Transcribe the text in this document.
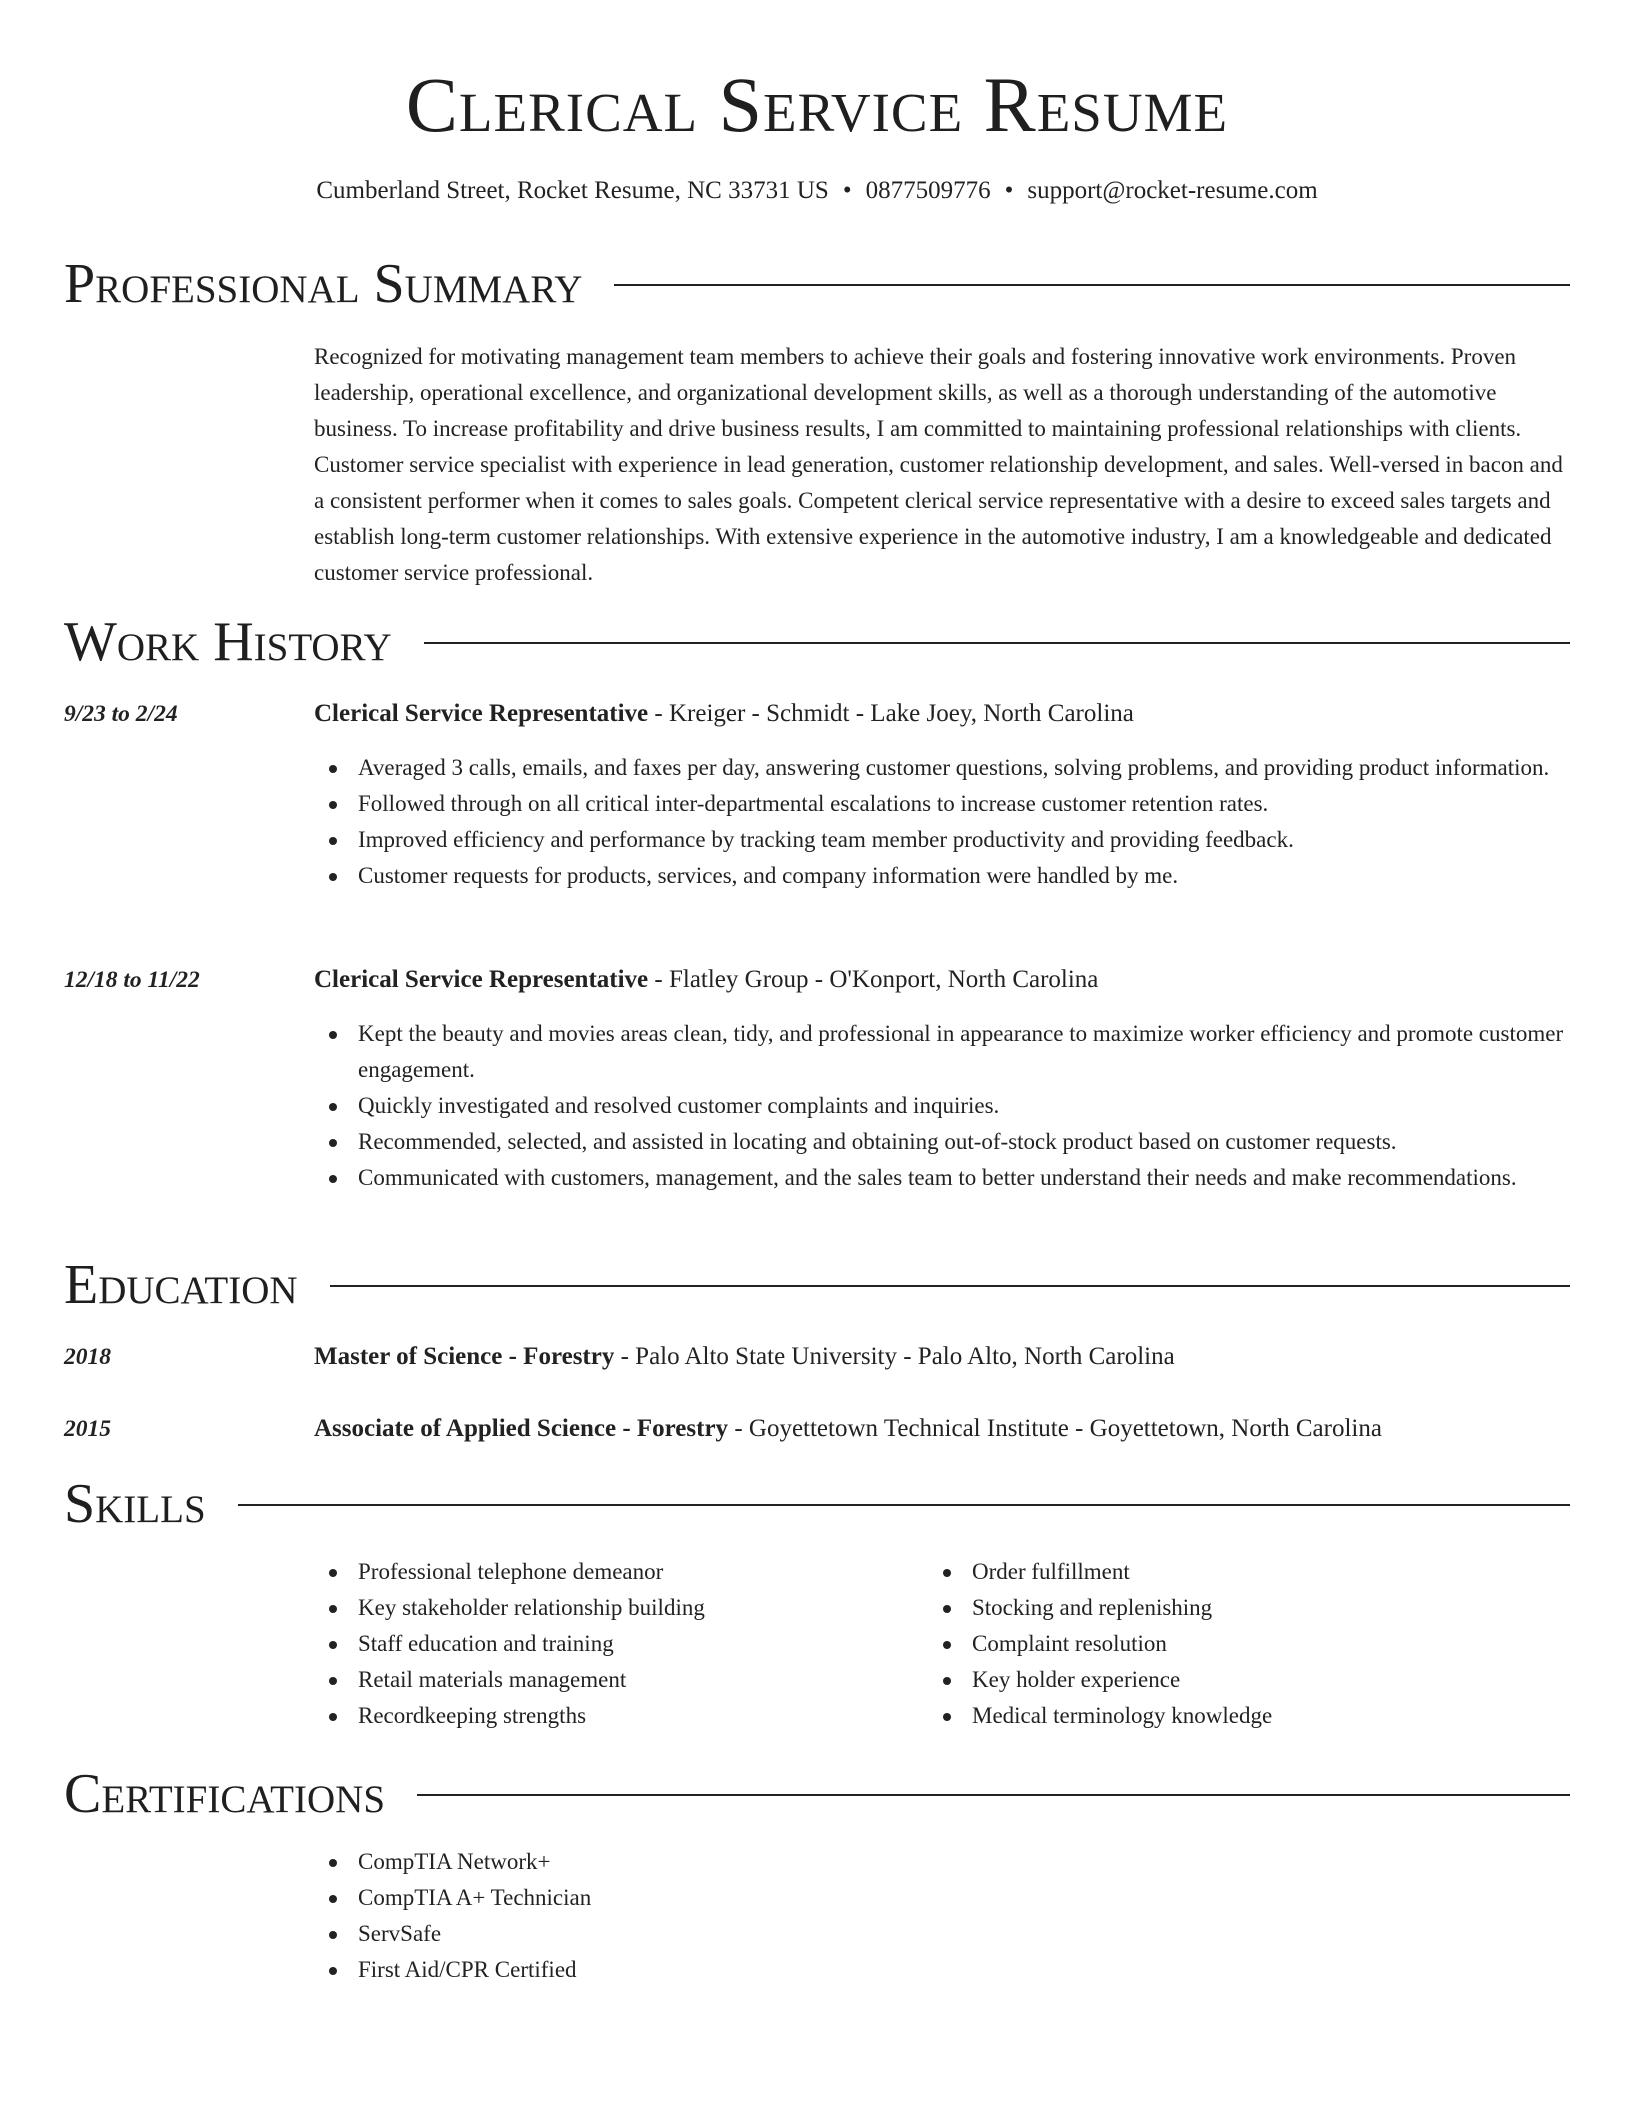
Clerical Service Resume
Cumberland Street, Rocket Resume, NC 33731 US • 0877509776 • support@rocket-resume.com
Professional Summary

Recognized for motivating management team members to achieve their goals and fostering innovative work environments. Proven leadership, operational excellence, and organizational development skills, as well as a thorough understanding of the automotive business. To increase profitability and drive business results, I am committed to maintaining professional relationships with clients. Customer service specialist with experience in lead generation, customer relationship development, and sales. Well-versed in bacon and a consistent performer when it comes to sales goals. Competent clerical service representative with a desire to exceed sales targets and establish long-term customer relationships. With extensive experience in the automotive industry, I am a knowledgeable and dedicated customer service professional.

Work History
9/23 to 2/24	Clerical Service Representative - Kreiger - Schmidt - Lake Joey, North Carolina
Averaged 3 calls, emails, and faxes per day, answering customer questions, solving problems, and providing product information.
Followed through on all critical inter-departmental escalations to increase customer retention rates.
Improved efficiency and performance by tracking team member productivity and providing feedback.
Customer requests for products, services, and company information were handled by me.
12/18 to 11/22	Clerical Service Representative - Flatley Group - O'Konport, North Carolina
Kept the beauty and movies areas clean, tidy, and professional in appearance to maximize worker efficiency and promote customer engagement.
Quickly investigated and resolved customer complaints and inquiries.
Recommended, selected, and assisted in locating and obtaining out-of-stock product based on customer requests.
Communicated with customers, management, and the sales team to better understand their needs and make recommendations.
Education
2018	Master of Science - Forestry - Palo Alto State University - Palo Alto, North Carolina
2015	Associate of Applied Science - Forestry - Goyettetown Technical Institute - Goyettetown, North Carolina
Skills
Professional telephone demeanor
Key stakeholder relationship building
Staff education and training
Retail materials management
Recordkeeping strengths
Order fulfillment
Stocking and replenishing
Complaint resolution
Key holder experience
Medical terminology knowledge
Certifications
CompTIA Network+
CompTIA A+ Technician
ServSafe
First Aid/CPR Certified
